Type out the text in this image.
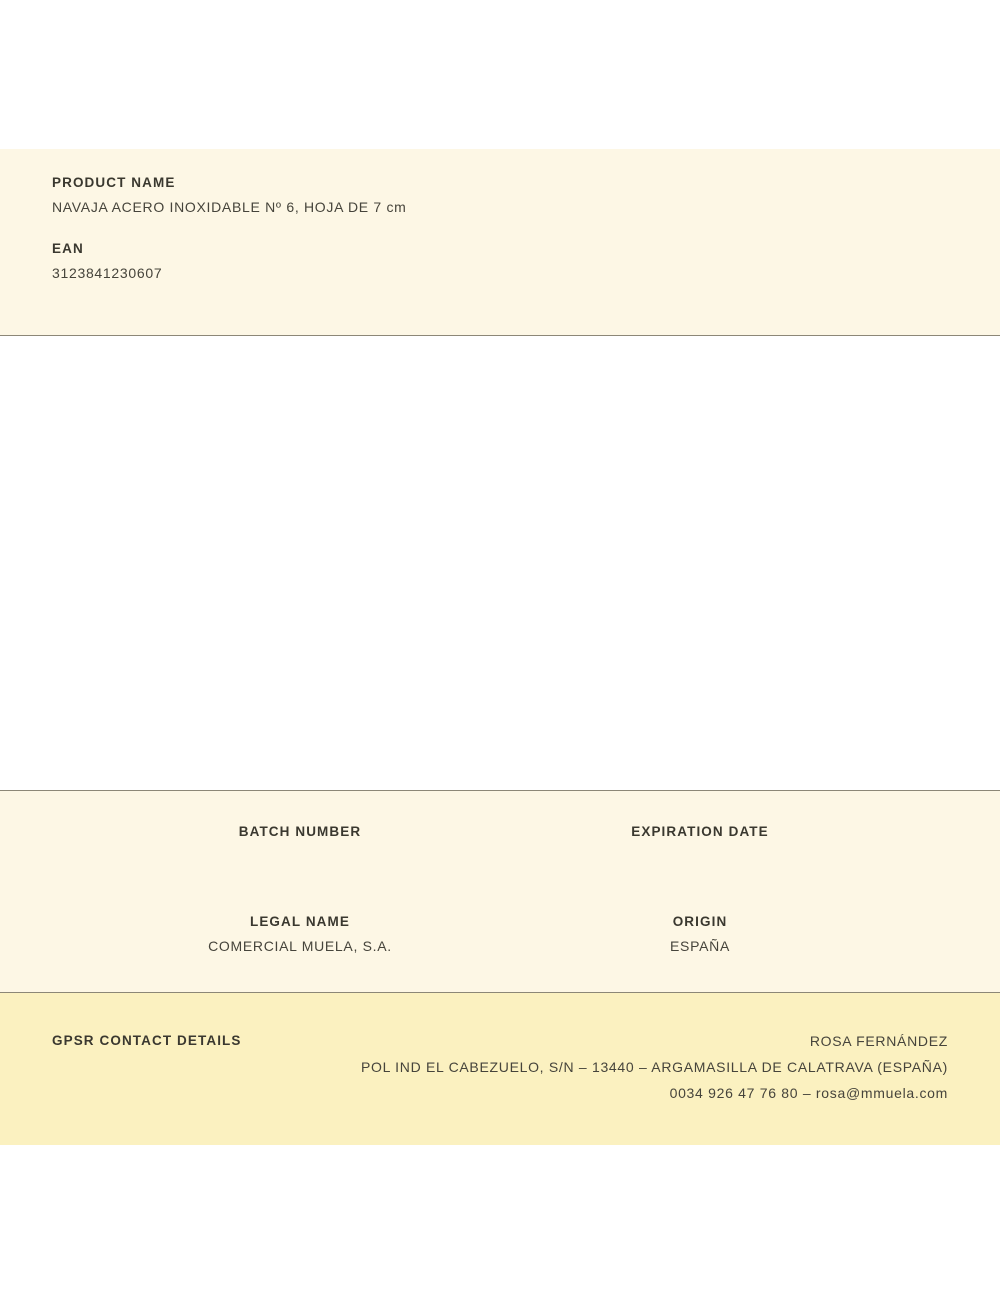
PRODUCT NAME

NAVAJA ACERO INOXIDABLE Nº 6, HOJA DE 7 cm

EAN

3123841230607

BATCH NUMBER	EXPIRATION DATE

LEGAL NAME

COMERCIAL MUELA, S.A.

ORIGIN

ESPAÑA

GPSR CONTACT DETAILS	ROSA FERNÁNDEZ
POL IND EL CABEZUELO, S/N – 13440 – ARGAMASILLA DE CALATRAVA (ESPAÑA)
0034 926 47 76 80 – rosa@mmuela.com
